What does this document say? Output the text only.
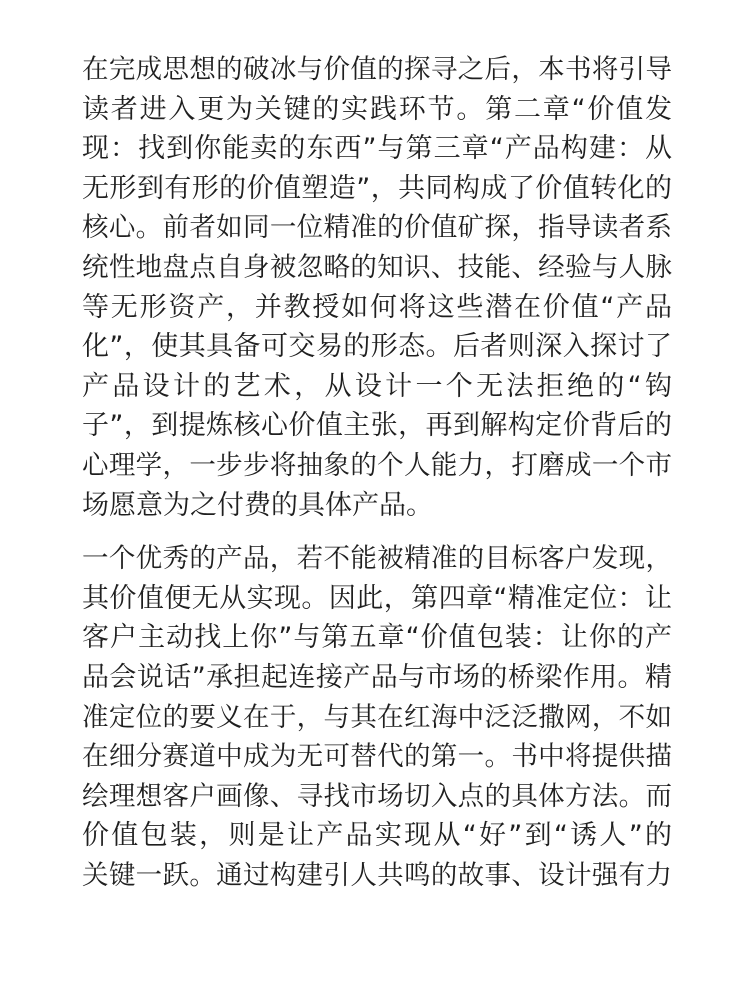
在完成思想的破冰与价值的探寻之后，本书将引导
读者进入更为关键的实践环节。第二章“价值发
现：找到你能卖的东西”与第三章“产品构建：从
无形到有形的价值塑造”，共同构成了价值转化的
核心。前者如同一位精准的价值矿探，指导读者系
统性地盘点自身被忽略的知识、技能、经验与人脉
等无形资产，并教授如何将这些潜在价值“产品
化”，使其具备可交易的形态。后者则深入探讨了
产品设计的艺术，从设计一个无法拒绝的“钩
子”，到提炼核心价值主张，再到解构定价背后的
心理学，一步步将抽象的个人能力，打磨成一个市
场愿意为之付费的具体产品。

一个优秀的产品，若不能被精准的目标客户发现，
其价值便无从实现。因此，第四章“精准定位：让
客户主动找上你”与第五章“价值包装：让你的产
品会说话”承担起连接产品与市场的桥梁作用。精
准定位的要义在于，与其在红海中泛泛撒网，不如
在细分赛道中成为无可替代的第一。书中将提供描
绘理想客户画像、寻找市场切入点的具体方法。而
价值包装，则是让产品实现从“好”到“诱人”的
关键一跃。通过构建引人共鸣的故事、设计强有力
